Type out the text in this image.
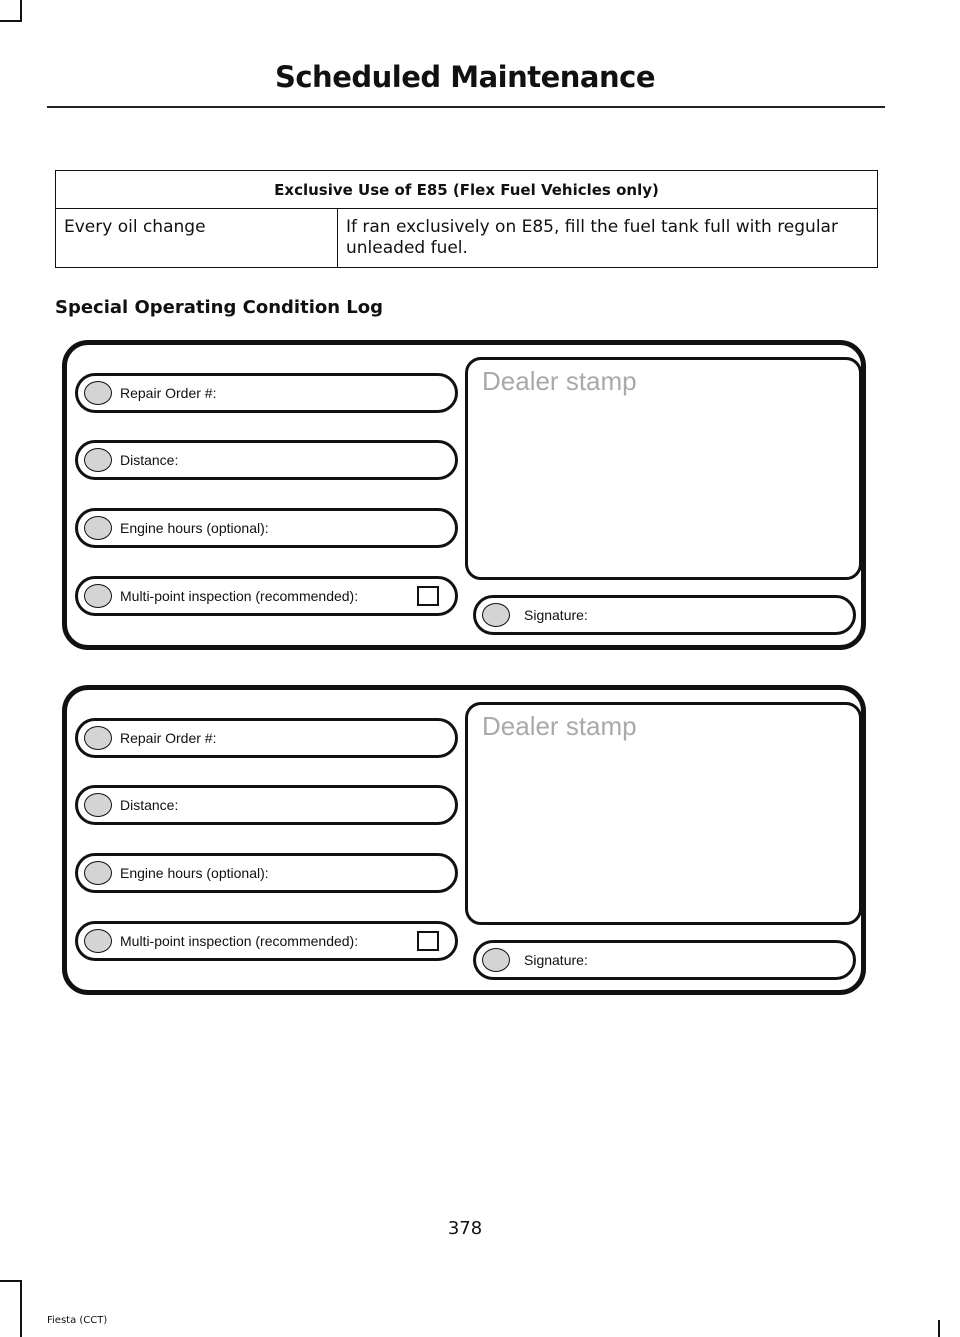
Scheduled Maintenance
Exclusive Use of E85 (Flex Fuel Vehicles only)
Every oil change	If ran exclusively on E85, fill the fuel tank full with regular unleaded fuel.
Special Operating Condition Log
Repair Order #:
Distance:
Engine hours (optional):
Multi-point inspection (recommended):
Dealer stamp
Signature:
Repair Order #:
Distance:
Engine hours (optional):
Multi-point inspection (recommended):
Dealer stamp
Signature:
378
Fiesta (CCT)
